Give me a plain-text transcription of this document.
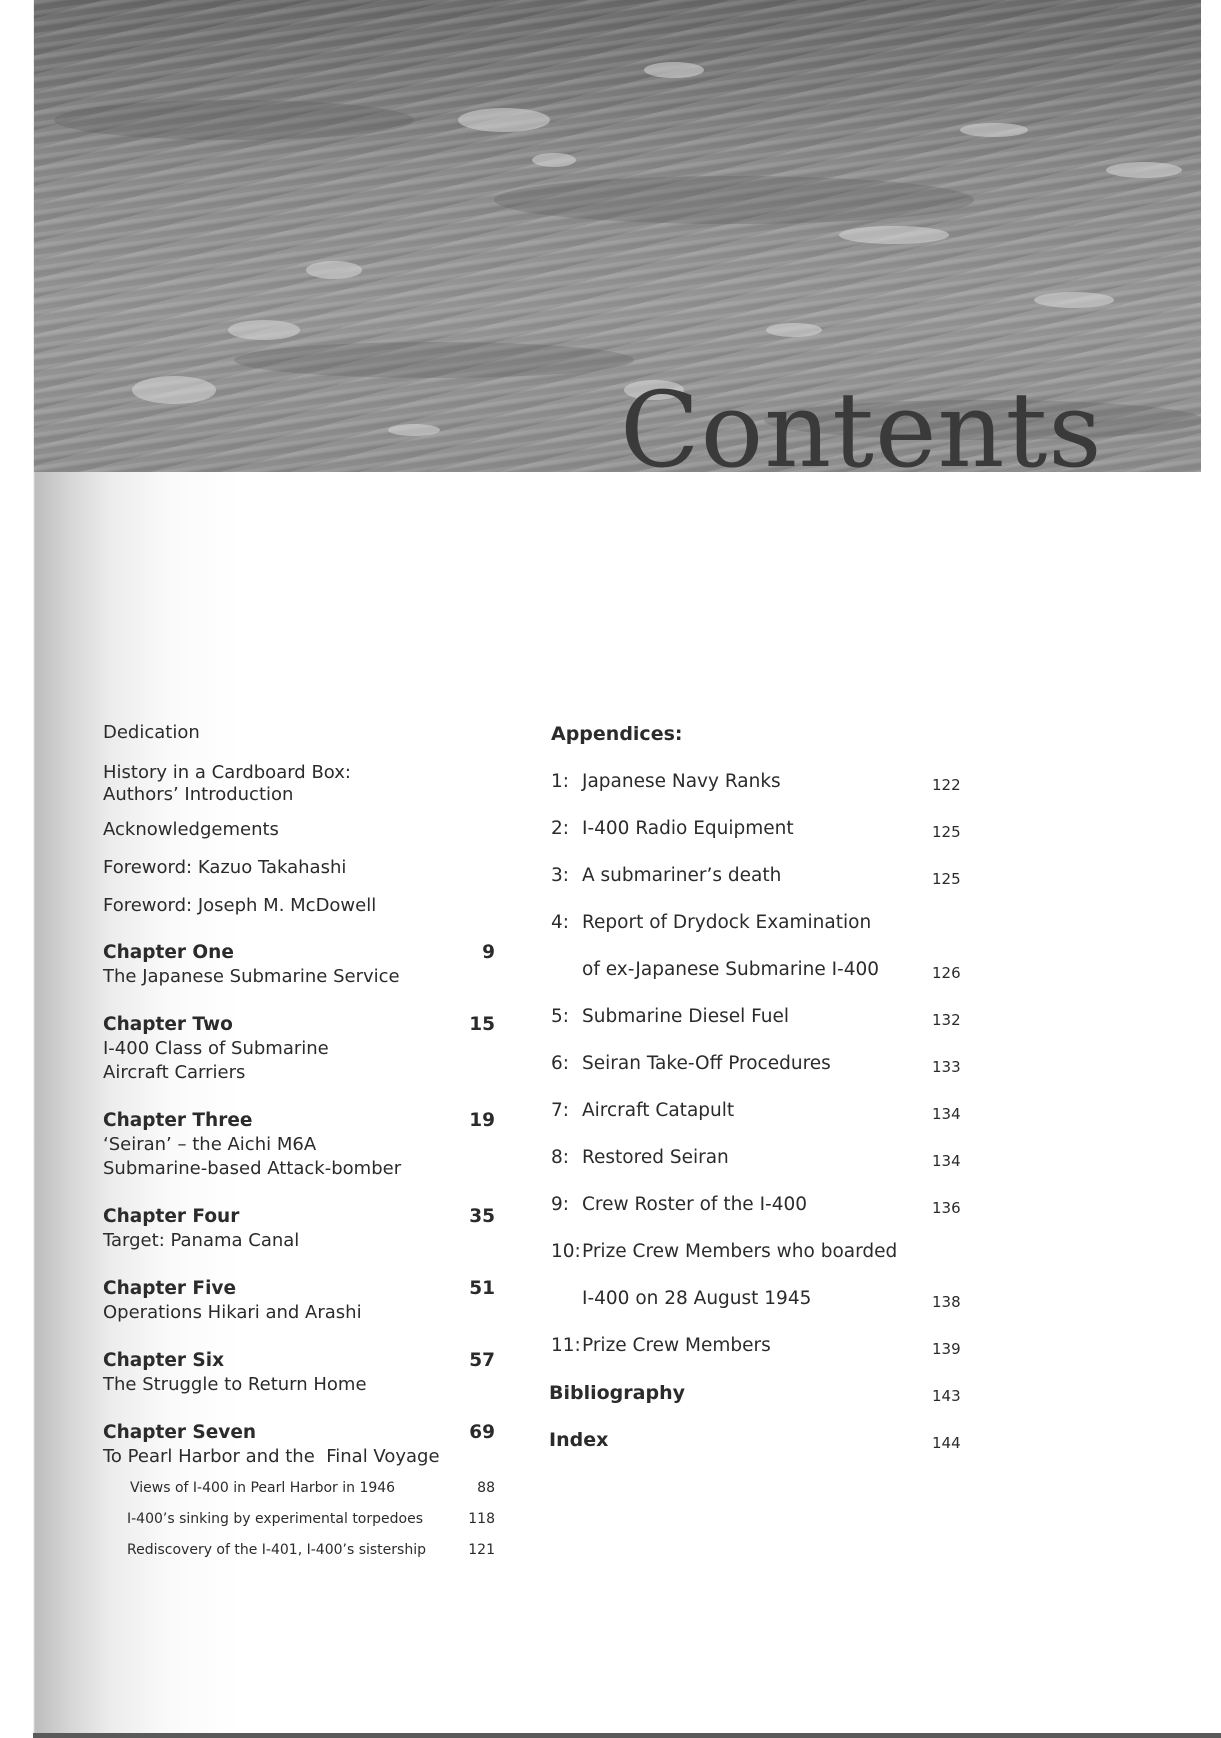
Contents
Dedication
History in a Cardboard Box:
Authors’ Introduction
Acknowledgements
Foreword: Kazuo Takahashi
Foreword: Joseph M. McDowell
Chapter One	9
The Japanese Submarine Service
Chapter Two	15
I-400 Class of Submarine
Aircraft Carriers
Chapter Three	19
‘Seiran’ – the Aichi M6A
Submarine-based Attack-bomber
Chapter Four	35
Target: Panama Canal
Chapter Five	51
Operations Hikari and Arashi
Chapter Six	57
The Struggle to Return Home
Chapter Seven	69
To Pearl Harbor and the  Final Voyage
Views of I-400 in Pearl Harbor in 1946	88
I-400’s sinking by experimental torpedoes	118
Rediscovery of the I-401, I-400’s sistership	121
Appendices:
1: Japanese Navy Ranks	122
2: I-400 Radio Equipment	125
3: A submariner’s death	125
4: Report of Drydock Examination
of ex-Japanese Submarine I-400	126
5: Submarine Diesel Fuel	132
6: Seiran Take-Off Procedures	133
7: Aircraft Catapult	134
8: Restored Seiran	134
9: Crew Roster of the I-400	136
10: Prize Crew Members who boarded
I-400 on 28 August 1945	138
11: Prize Crew Members	139
Bibliography	143
Index	144
